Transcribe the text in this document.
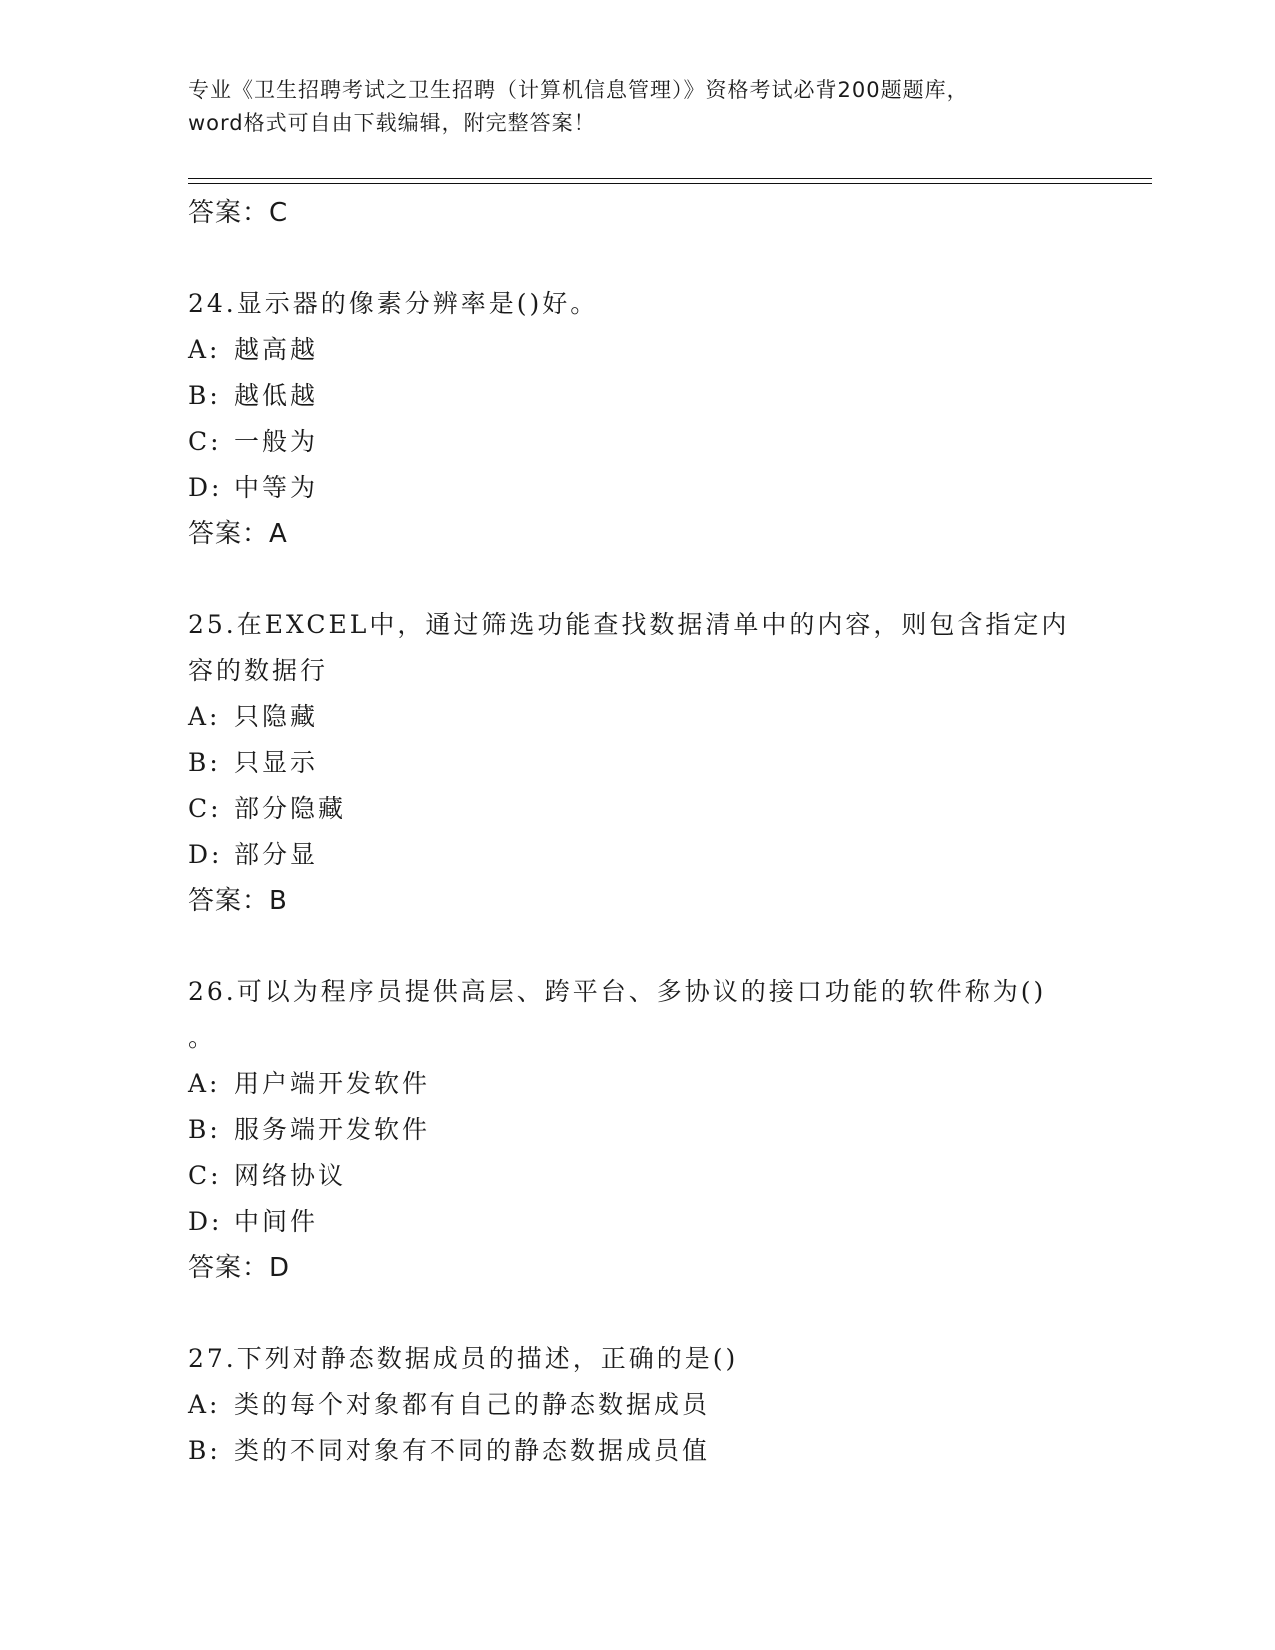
专业《卫生招聘考试之卫生招聘（计算机信息管理）》资格考试必背200题题库，
word格式可自由下载编辑，附完整答案！
答案：C
24.显示器的像素分辨率是()好。
A: 越高越
B: 越低越
C: 一般为
D: 中等为
答案：A
25.在EXCEL中，通过筛选功能查找数据清单中的内容，则包含指定内
容的数据行
A: 只隐藏
B: 只显示
C: 部分隐藏
D: 部分显
答案：B
26.可以为程序员提供高层、跨平台、多协议的接口功能的软件称为()
。
A: 用户端开发软件
B: 服务端开发软件
C: 网络协议
D: 中间件
答案：D
27.下列对静态数据成员的描述，正确的是()
A: 类的每个对象都有自己的静态数据成员
B: 类的不同对象有不同的静态数据成员值
